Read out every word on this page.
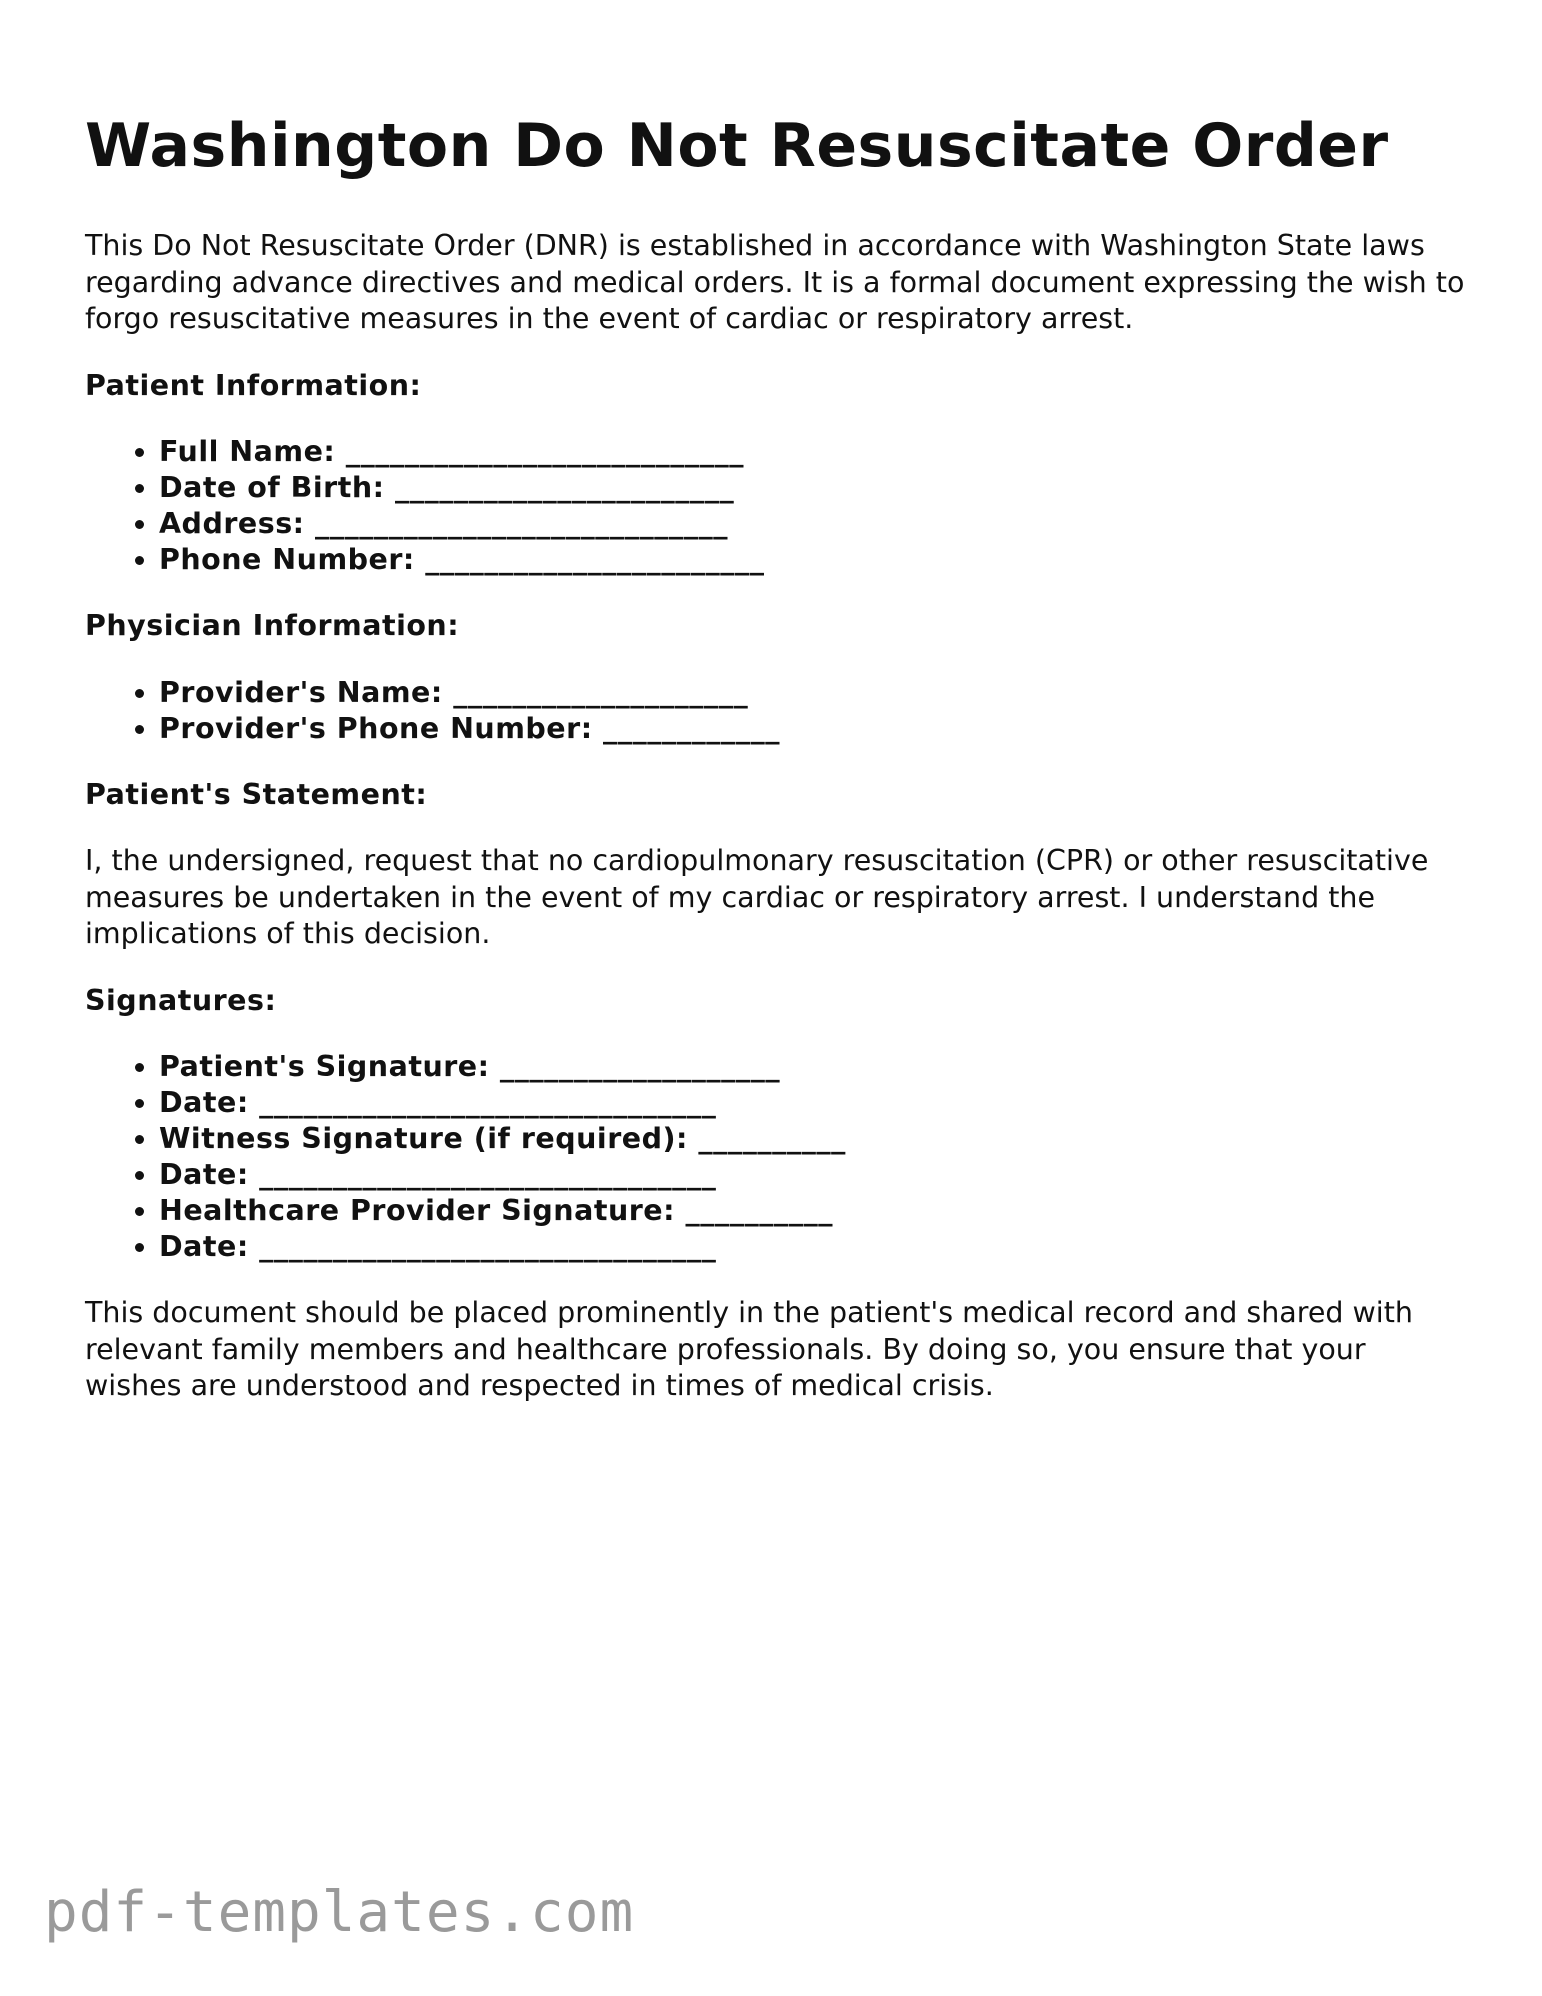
Washington Do Not Resuscitate Order

This Do Not Resuscitate Order (DNR) is established in accordance with Washington State laws regarding advance directives and medical orders. It is a formal document expressing the wish to forgo resuscitative measures in the event of cardiac or respiratory arrest.

Patient Information:
• Full Name: ___________________________
• Date of Birth: _______________________
• Address: ____________________________
• Phone Number: _______________________
Physician Information:
• Provider's Name: ____________________
• Provider's Phone Number: ____________
Patient's Statement:

I, the undersigned, request that no cardiopulmonary resuscitation (CPR) or other resuscitative measures be undertaken in the event of my cardiac or respiratory arrest. I understand the implications of this decision.

Signatures:
• Patient's Signature: ___________________
• Date: _______________________________
• Witness Signature (if required): __________
• Date: _______________________________
• Healthcare Provider Signature: __________
• Date: _______________________________

This document should be placed prominently in the patient's medical record and shared with relevant family members and healthcare professionals. By doing so, you ensure that your wishes are understood and respected in times of medical crisis.

pdf-templates.com
